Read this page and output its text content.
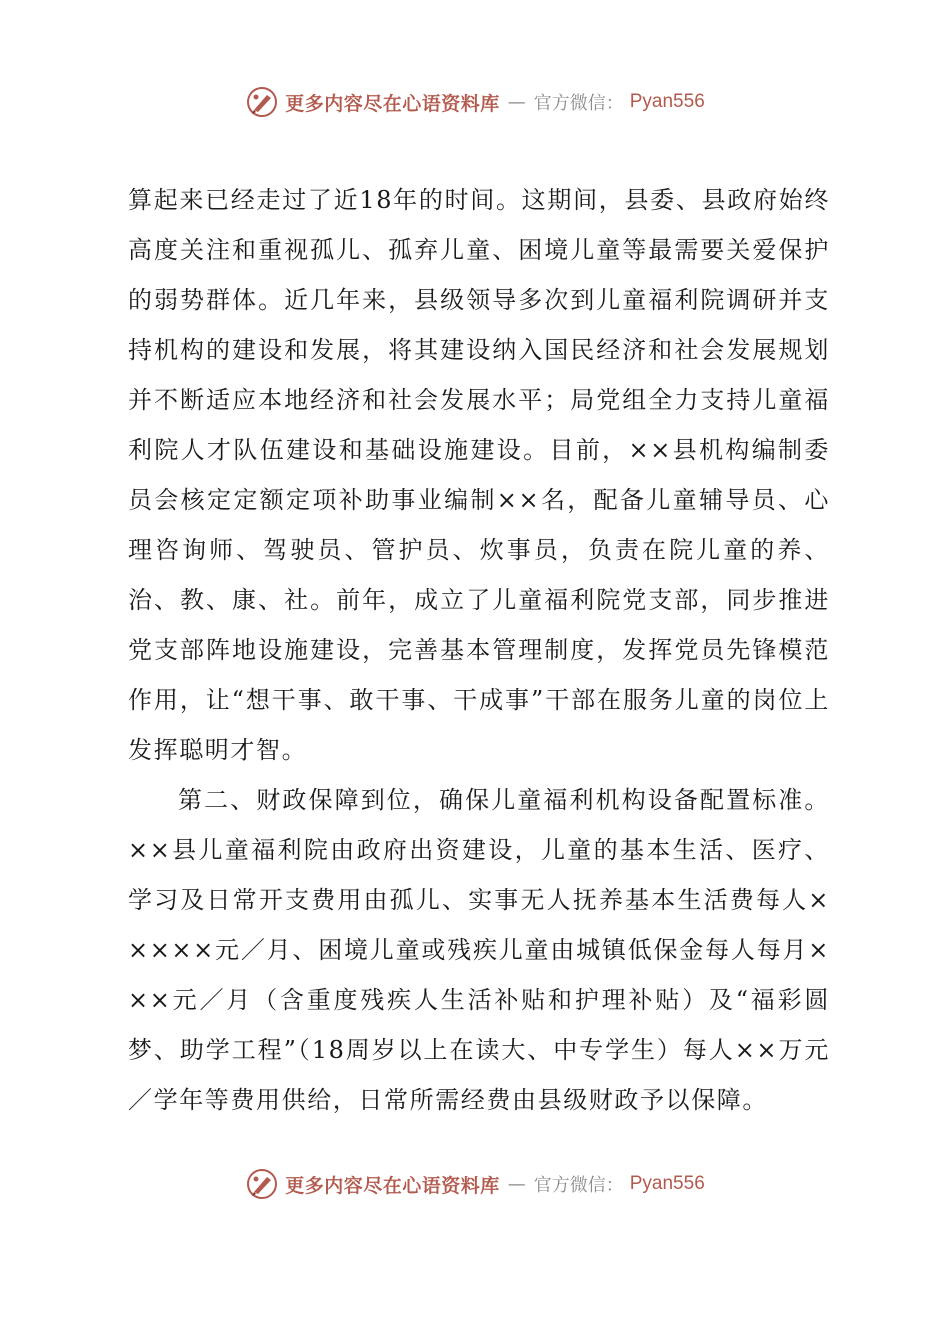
更多内容尽在心语资料库 — 官方微信： Pyan556

算起来已经走过了近18年的时间。这期间，县委、县政府始终高度关注和重视孤儿、孤弃儿童、困境儿童等最需要关爱保护的弱势群体。近几年来，县级领导多次到儿童福利院调研并支持机构的建设和发展，将其建设纳入国民经济和社会发展规划并不断适应本地经济和社会发展水平；局党组全力支持儿童福利院人才队伍建设和基础设施建设。目前，××县机构编制委员会核定定额定项补助事业编制××名，配备儿童辅导员、心理咨询师、驾驶员、管护员、炊事员，负责在院儿童的养、治、教、康、社。前年，成立了儿童福利院党支部，同步推进党支部阵地设施建设，完善基本管理制度，发挥党员先锋模范作用，让“想干事、敢干事、干成事”干部在服务儿童的岗位上发挥聪明才智。

第二、财政保障到位，确保儿童福利机构设备配置标准。××县儿童福利院由政府出资建设，儿童的基本生活、医疗、学习及日常开支费用由孤儿、实事无人抚养基本生活费每人×××××元／月、困境儿童或残疾儿童由城镇低保金每人每月×××元／月（含重度残疾人生活补贴和护理补贴）及“福彩圆梦、助学工程”（18周岁以上在读大、中专学生）每人××万元／学年等费用供给，日常所需经费由县级财政予以保障。

更多内容尽在心语资料库 — 官方微信： Pyan556
